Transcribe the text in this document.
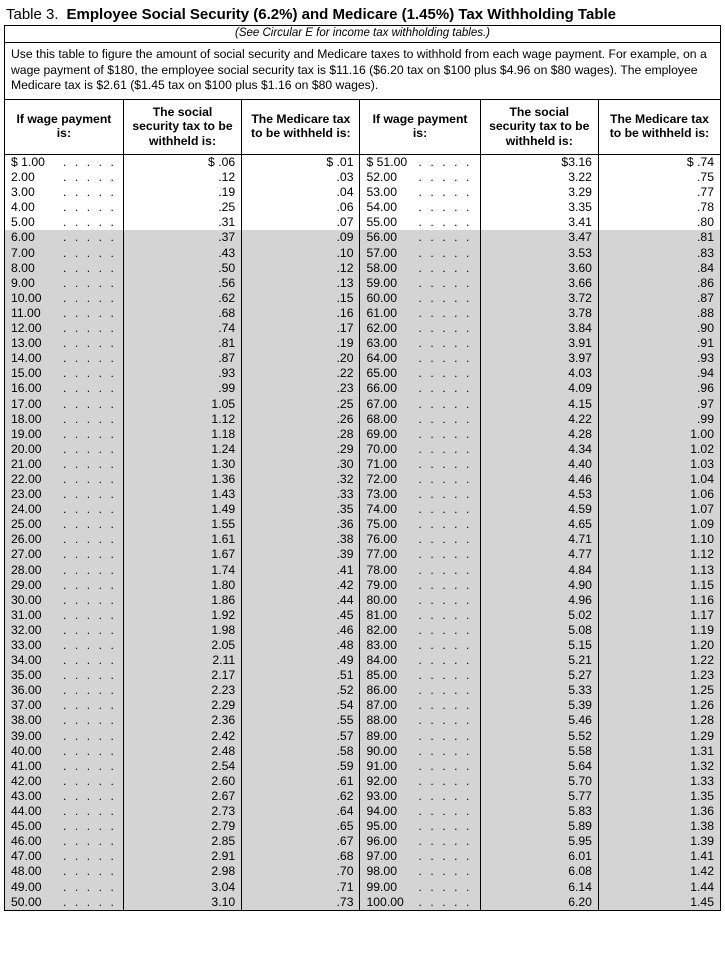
Table 3. Employee Social Security (6.2%) and Medicare (1.45%) Tax Withholding Table
(See Circular E for income tax withholding tables.)
Use this table to figure the amount of social security and Medicare taxes to withhold from each wage payment. For example, on a wage payment of $180, the employee social security tax is $11.16 ($6.20 tax on $100 plus $4.96 on $80 wages). The employee Medicare tax is $2.61 ($1.45 tax on $100 plus $1.16 on $80 wages).
If wage payment is:	The social security tax to be withheld is:	The Medicare tax to be withheld is:	If wage payment is:	The social security tax to be withheld is:	The Medicare tax to be withheld is:
$ 1.00 . . . . .	$ .06	$ .01	$ 51.00 . . . . .	$3.16	$ .74
2.00 . . . . .	.12	.03	52.00 . . . . .	3.22	.75
3.00 . . . . .	.19	.04	53.00 . . . . .	3.29	.77
4.00 . . . . .	.25	.06	54.00 . . . . .	3.35	.78
5.00 . . . . .	.31	.07	55.00 . . . . .	3.41	.80
6.00 . . . . .	.37	.09	56.00 . . . . .	3.47	.81
7.00 . . . . .	.43	.10	57.00 . . . . .	3.53	.83
8.00 . . . . .	.50	.12	58.00 . . . . .	3.60	.84
9.00 . . . . .	.56	.13	59.00 . . . . .	3.66	.86
10.00 . . . . .	.62	.15	60.00 . . . . .	3.72	.87
11.00 . . . . .	.68	.16	61.00 . . . . .	3.78	.88
12.00 . . . . .	.74	.17	62.00 . . . . .	3.84	.90
13.00 . . . . .	.81	.19	63.00 . . . . .	3.91	.91
14.00 . . . . .	.87	.20	64.00 . . . . .	3.97	.93
15.00 . . . . .	.93	.22	65.00 . . . . .	4.03	.94
16.00 . . . . .	.99	.23	66.00 . . . . .	4.09	.96
17.00 . . . . .	1.05	.25	67.00 . . . . .	4.15	.97
18.00 . . . . .	1.12	.26	68.00 . . . . .	4.22	.99
19.00 . . . . .	1.18	.28	69.00 . . . . .	4.28	1.00
20.00 . . . . .	1.24	.29	70.00 . . . . .	4.34	1.02
21.00 . . . . .	1.30	.30	71.00 . . . . .	4.40	1.03
22.00 . . . . .	1.36	.32	72.00 . . . . .	4.46	1.04
23.00 . . . . .	1.43	.33	73.00 . . . . .	4.53	1.06
24.00 . . . . .	1.49	.35	74.00 . . . . .	4.59	1.07
25.00 . . . . .	1.55	.36	75.00 . . . . .	4.65	1.09
26.00 . . . . .	1.61	.38	76.00 . . . . .	4.71	1.10
27.00 . . . . .	1.67	.39	77.00 . . . . .	4.77	1.12
28.00 . . . . .	1.74	.41	78.00 . . . . .	4.84	1.13
29.00 . . . . .	1.80	.42	79.00 . . . . .	4.90	1.15
30.00 . . . . .	1.86	.44	80.00 . . . . .	4.96	1.16
31.00 . . . . .	1.92	.45	81.00 . . . . .	5.02	1.17
32.00 . . . . .	1.98	.46	82.00 . . . . .	5.08	1.19
33.00 . . . . .	2.05	.48	83.00 . . . . .	5.15	1.20
34.00 . . . . .	2.11	.49	84.00 . . . . .	5.21	1.22
35.00 . . . . .	2.17	.51	85.00 . . . . .	5.27	1.23
36.00 . . . . .	2.23	.52	86.00 . . . . .	5.33	1.25
37.00 . . . . .	2.29	.54	87.00 . . . . .	5.39	1.26
38.00 . . . . .	2.36	.55	88.00 . . . . .	5.46	1.28
39.00 . . . . .	2.42	.57	89.00 . . . . .	5.52	1.29
40.00 . . . . .	2.48	.58	90.00 . . . . .	5.58	1.31
41.00 . . . . .	2.54	.59	91.00 . . . . .	5.64	1.32
42.00 . . . . .	2.60	.61	92.00 . . . . .	5.70	1.33
43.00 . . . . .	2.67	.62	93.00 . . . . .	5.77	1.35
44.00 . . . . .	2.73	.64	94.00 . . . . .	5.83	1.36
45.00 . . . . .	2.79	.65	95.00 . . . . .	5.89	1.38
46.00 . . . . .	2.85	.67	96.00 . . . . .	5.95	1.39
47.00 . . . . .	2.91	.68	97.00 . . . . .	6.01	1.41
48.00 . . . . .	2.98	.70	98.00 . . . . .	6.08	1.42
49.00 . . . . .	3.04	.71	99.00 . . . . .	6.14	1.44
50.00 . . . . .	3.10	.73	100.00 . . . . .	6.20	1.45
